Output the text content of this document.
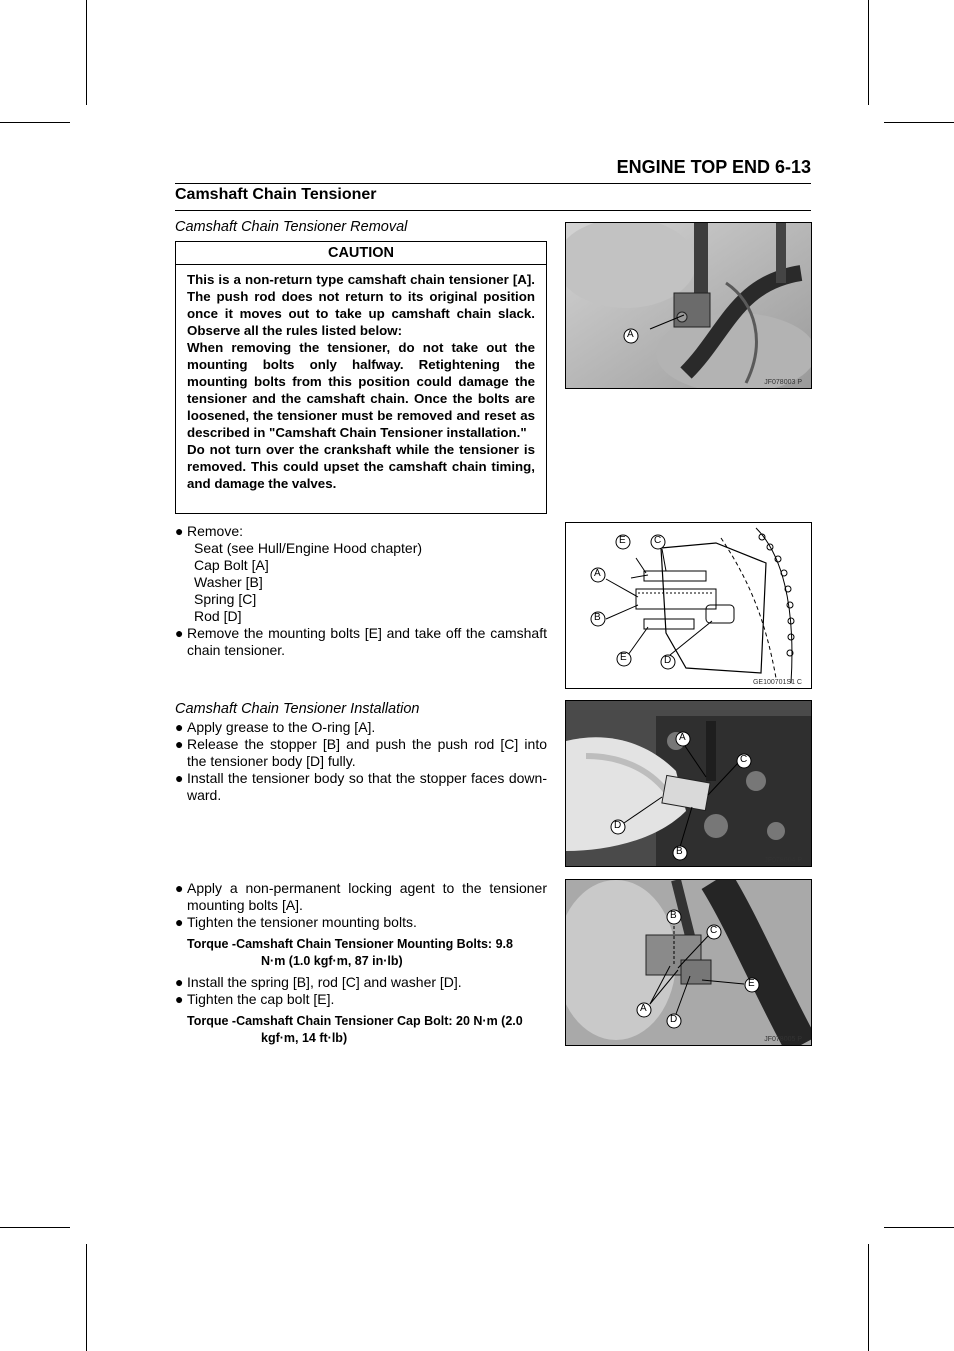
ENGINE TOP END 6-13
Camshaft Chain Tensioner
Camshaft Chain Tensioner Removal
CAUTION

This is a non-return type camshaft chain tensioner [A]. The push rod does not return to its original position once it moves out to take up camshaft chain slack. Observe all the rules listed below:

When removing the tensioner, do not take out the mounting bolts only halfway. Retightening the mounting bolts from this position could damage the tensioner and the camshaft chain. Once the bolts are loosened, the tensioner must be removed and reset as described in "Camshaft Chain Tensioner installation."

Do not turn over the crankshaft while the tensioner is removed. This could upset the camshaft chain timing, and damage the valves.

● Remove:
Seat (see Hull/Engine Hood chapter)
Cap Bolt [A]
Washer [B]
Spring [C]
Rod [D]
● Remove the mounting bolts [E] and take off the camshaft chain tensioner.
Camshaft Chain Tensioner Installation
● Apply grease to the O-ring [A].
● Release the stopper [B] and push the push rod [C] into the tensioner body [D] fully.
● Install the tensioner body so that the stopper faces downward.
● Apply a non-permanent locking agent to the tensioner mounting bolts [A].
● Tighten the tensioner mounting bolts.
Torque - Camshaft Chain Tensioner Mounting Bolts: 9.8
N·m (1.0 kgf·m, 87 in·lb)
● Install the spring [B], rod [C] and washer [D].
● Tighten the cap bolt [E].
Torque - Camshaft Chain Tensioner Cap Bolt: 20 N·m (2.0
kgf·m, 14 ft·lb)
A
JF078003 P
E	C
A
B
E	D
GE100701S1 C
A
C
D
B
JF078004 P
B
C
E
A
D
JF078005 P
